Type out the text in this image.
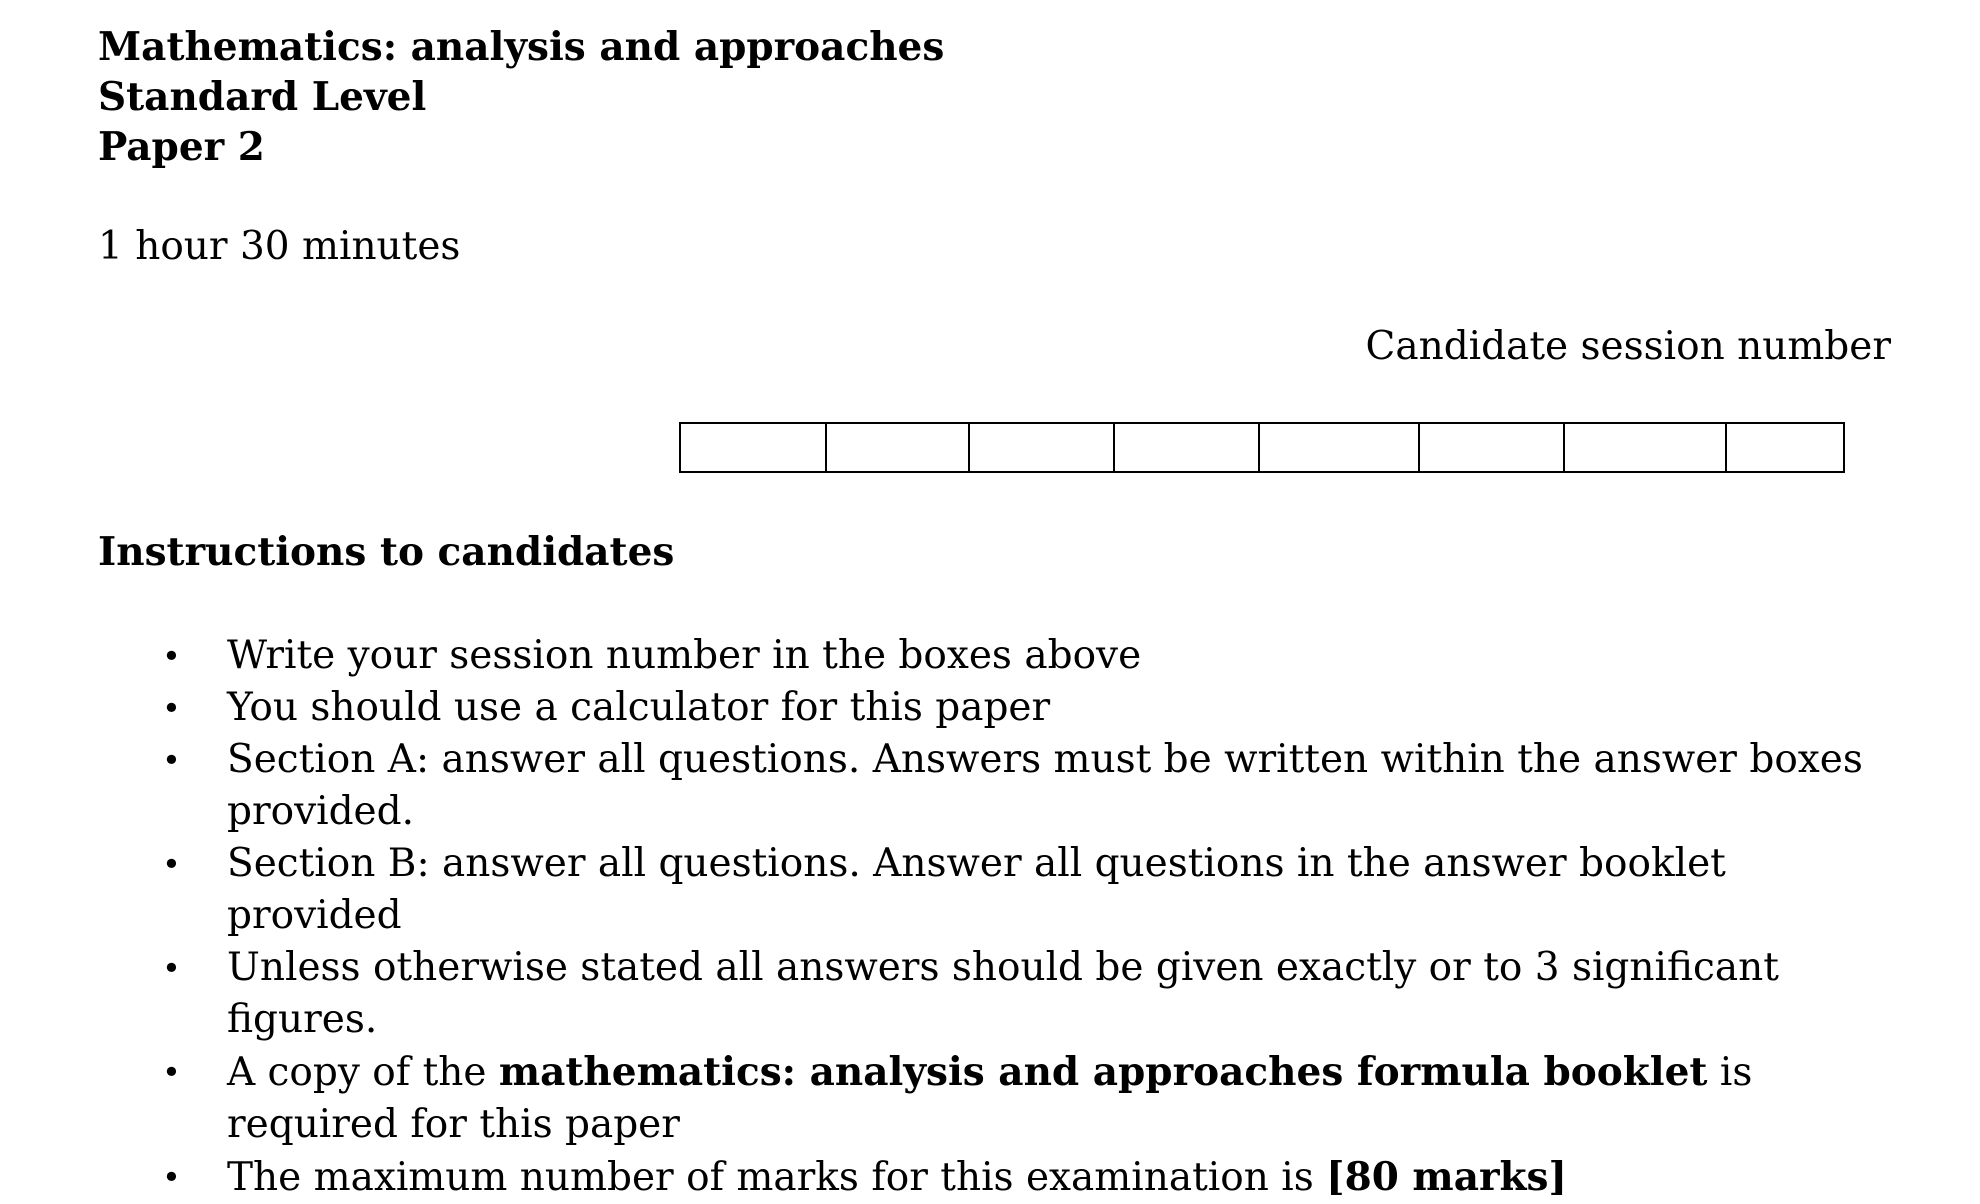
Mathematics: analysis and approaches
Standard Level
Paper 2
1 hour 30 minutes
Candidate session number
Instructions to candidates
• Write your session number in the boxes above
• You should use a calculator for this paper
• Section A: answer all questions. Answers must be written within the answer boxes provided.
• Section B: answer all questions. Answer all questions in the answer booklet provided
• Unless otherwise stated all answers should be given exactly or to 3 significant figures.
• A copy of the mathematics: analysis and approaches formula booklet is required for this paper
• The maximum number of marks for this examination is [80 marks]
